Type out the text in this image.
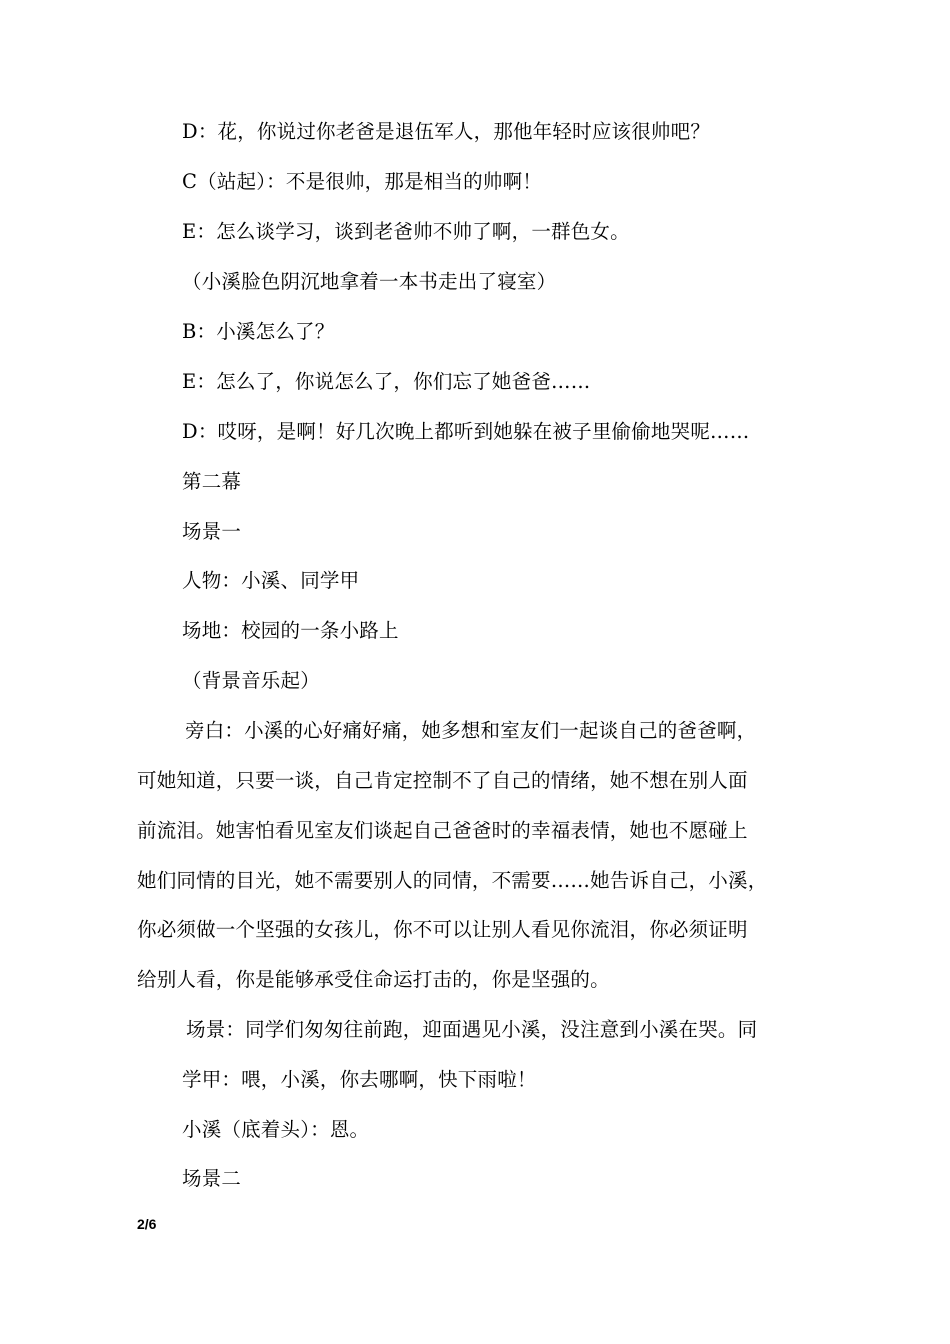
D：花，你说过你老爸是退伍军人，那他年轻时应该很帅吧？
C（站起）：不是很帅，那是相当的帅啊！
E：怎么谈学习，谈到老爸帅不帅了啊，一群色女。
（小溪脸色阴沉地拿着一本书走出了寝室）
B：小溪怎么了？
E：怎么了，你说怎么了，你们忘了她爸爸……
D：哎呀，是啊！好几次晚上都听到她躲在被子里偷偷地哭呢……
第二幕
场景一
人物：小溪、同学甲
场地：校园的一条小路上
（背景音乐起）
旁白：小溪的心好痛好痛，她多想和室友们一起谈自己的爸爸啊，
可她知道，只要一谈，自己肯定控制不了自己的情绪，她不想在别人面
前流泪。她害怕看见室友们谈起自己爸爸时的幸福表情，她也不愿碰上
她们同情的目光，她不需要别人的同情，不需要……她告诉自己，小溪，
你必须做一个坚强的女孩儿，你不可以让别人看见你流泪，你必须证明
给别人看，你是能够承受住命运打击的，你是坚强的。
场景：同学们匆匆往前跑，迎面遇见小溪，没注意到小溪在哭。同
学甲：喂，小溪，你去哪啊，快下雨啦！
小溪（底着头）：恩。
场景二
2/6
